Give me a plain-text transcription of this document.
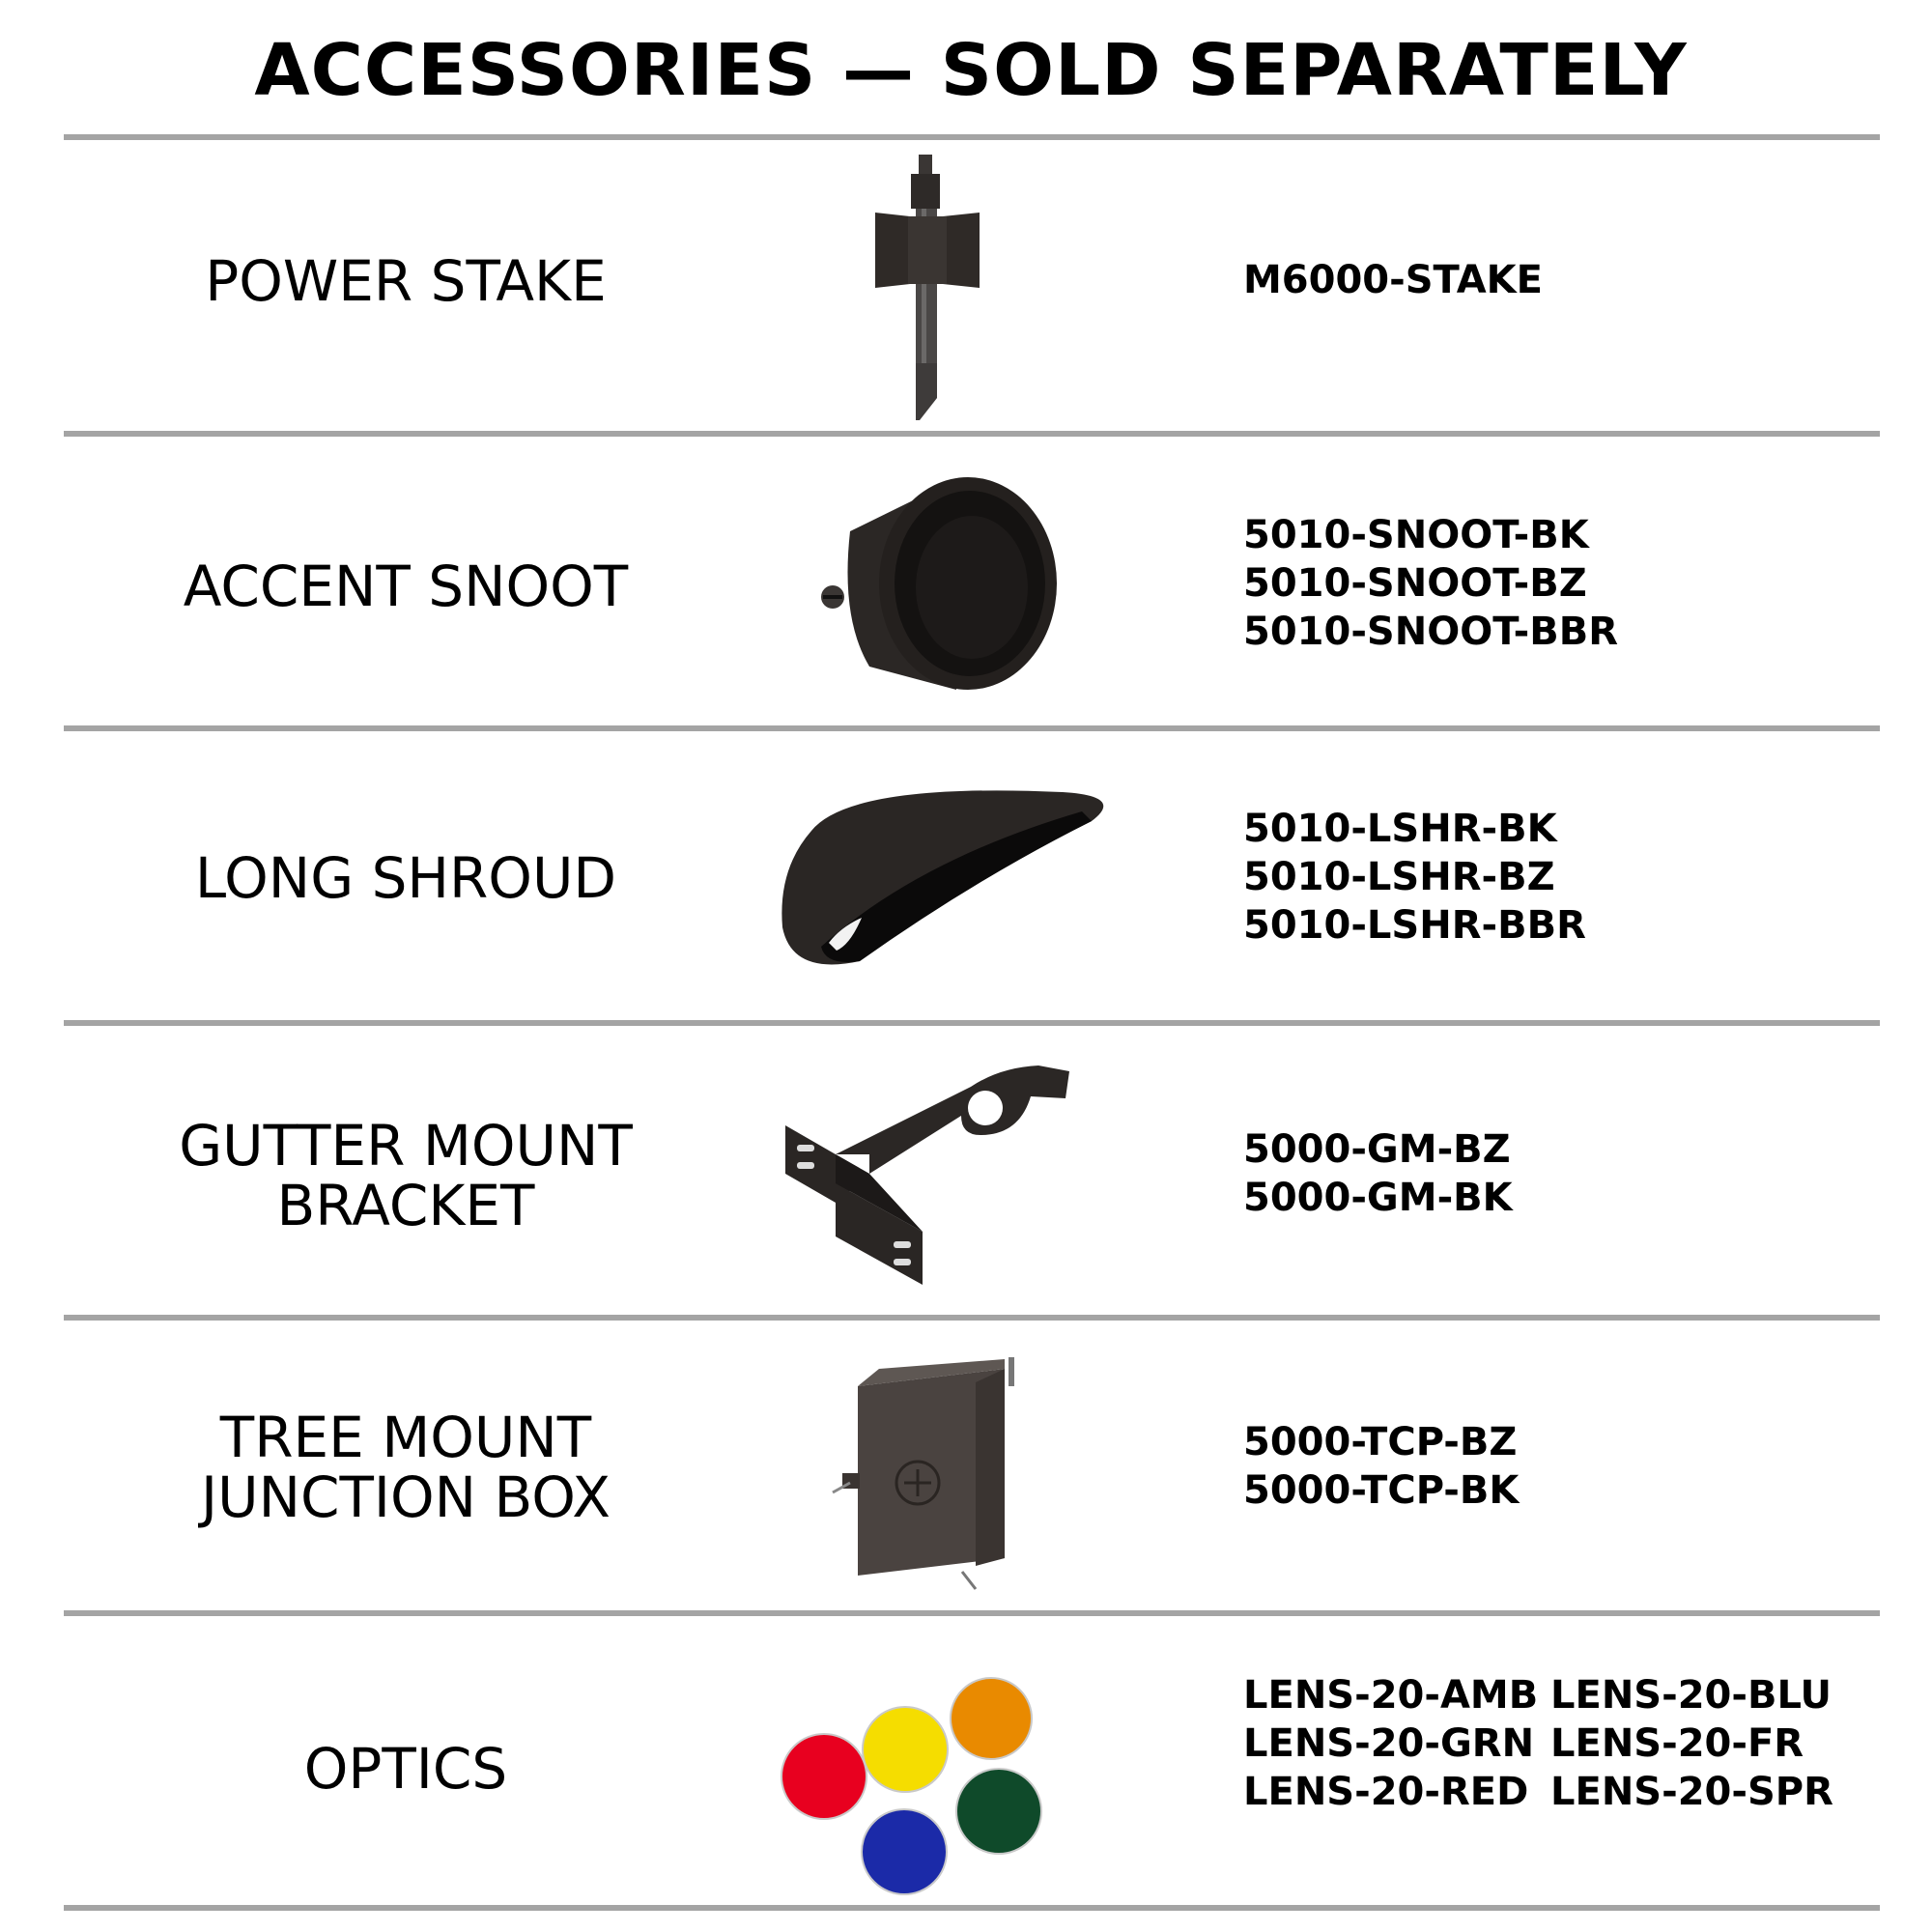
ACCESSORIES — SOLD SEPARATELY
POWER STAKE	M6000-STAKE
ACCENT SNOOT
5010-SNOOT-BK
5010-SNOOT-BZ
5010-SNOOT-BBR
LONG SHROUD
5010-LSHR-BK
5010-LSHR-BZ
5010-LSHR-BBR
GUTTER MOUNT
BRACKET
5000-GM-BZ
5000-GM-BK
TREE MOUNT
JUNCTION BOX
5000-TCP-BZ
5000-TCP-BK
OPTICS
LENS-20-AMB LENS-20-BLU
LENS-20-GRN LENS-20-FR
LENS-20-RED LENS-20-SPR
